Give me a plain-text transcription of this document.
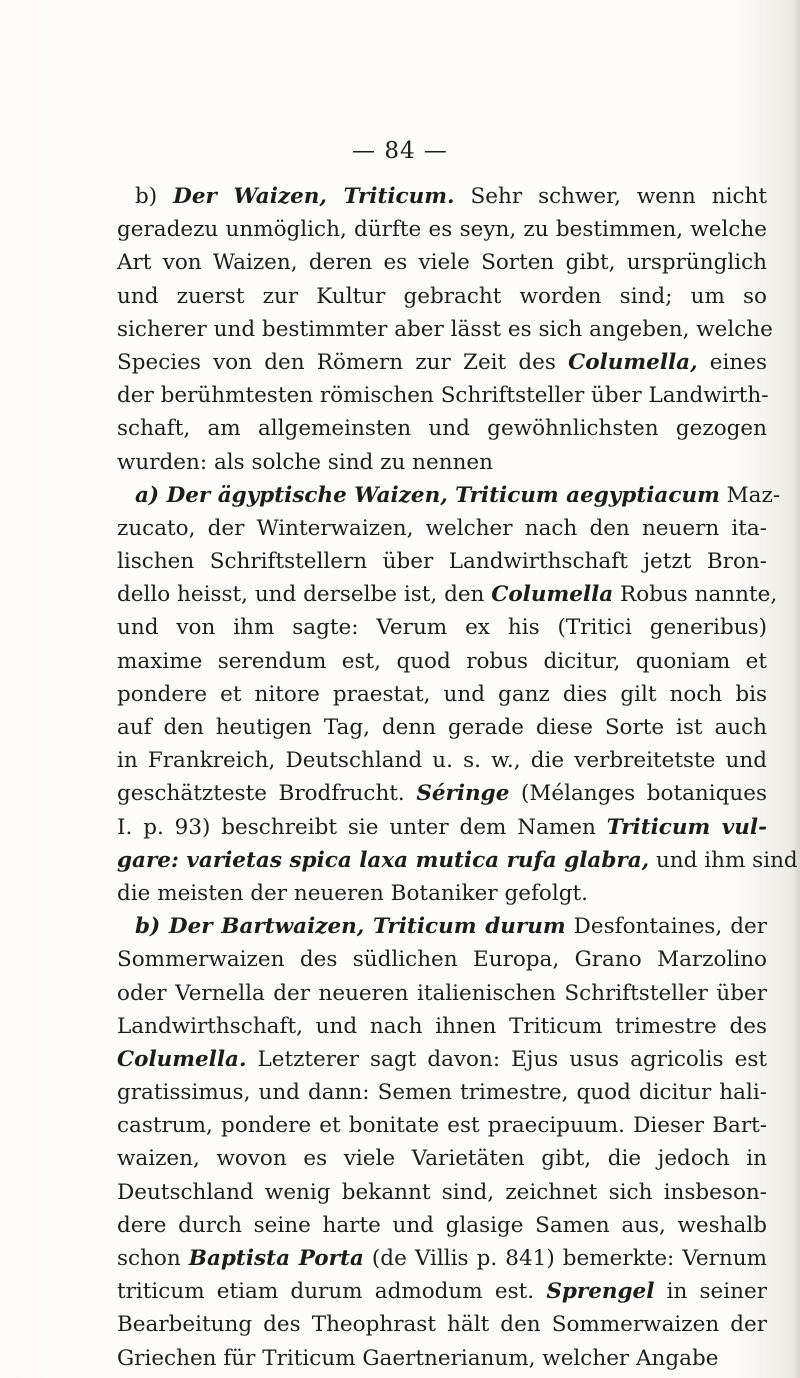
— 84 —
b) Der Waizen, Triticum. Sehr schwer, wenn nicht
geradezu unmöglich, dürfte es seyn, zu bestimmen, welche
Art von Waizen, deren es viele Sorten gibt, ursprünglich
und zuerst zur Kultur gebracht worden sind; um so
sicherer und bestimmter aber lässt es sich angeben, welche
Species von den Römern zur Zeit des Columella, eines
der berühmtesten römischen Schriftsteller über Landwirth-
schaft, am allgemeinsten und gewöhnlichsten gezogen
wurden: als solche sind zu nennen
a) Der ägyptische Waizen, Triticum aegyptiacum Maz-
zucato, der Winterwaizen, welcher nach den neuern ita-
lischen Schriftstellern über Landwirthschaft jetzt Bron-
dello heisst, und derselbe ist, den Columella Robus nannte,
und von ihm sagte: Verum ex his (Tritici generibus)
maxime serendum est, quod robus dicitur, quoniam et
pondere et nitore praestat, und ganz dies gilt noch bis
auf den heutigen Tag, denn gerade diese Sorte ist auch
in Frankreich, Deutschland u. s. w., die verbreitetste und
geschätzteste Brodfrucht. Séringe (Mélanges botaniques
I. p. 93) beschreibt sie unter dem Namen Triticum vul-
gare: varietas spica laxa mutica rufa glabra, und ihm sind
die meisten der neueren Botaniker gefolgt.
b) Der Bartwaizen, Triticum durum Desfontaines, der
Sommerwaizen des südlichen Europa, Grano Marzolino
oder Vernella der neueren italienischen Schriftsteller über
Landwirthschaft, und nach ihnen Triticum trimestre des
Columella. Letzterer sagt davon: Ejus usus agricolis est
gratissimus, und dann: Semen trimestre, quod dicitur hali-
castrum, pondere et bonitate est praecipuum. Dieser Bart-
waizen, wovon es viele Varietäten gibt, die jedoch in
Deutschland wenig bekannt sind, zeichnet sich insbeson-
dere durch seine harte und glasige Samen aus, weshalb
schon Baptista Porta (de Villis p. 841) bemerkte: Vernum
triticum etiam durum admodum est. Sprengel in seiner
Bearbeitung des Theophrast hält den Sommerwaizen der
Griechen für Triticum Gaertnerianum, welcher Angabe
